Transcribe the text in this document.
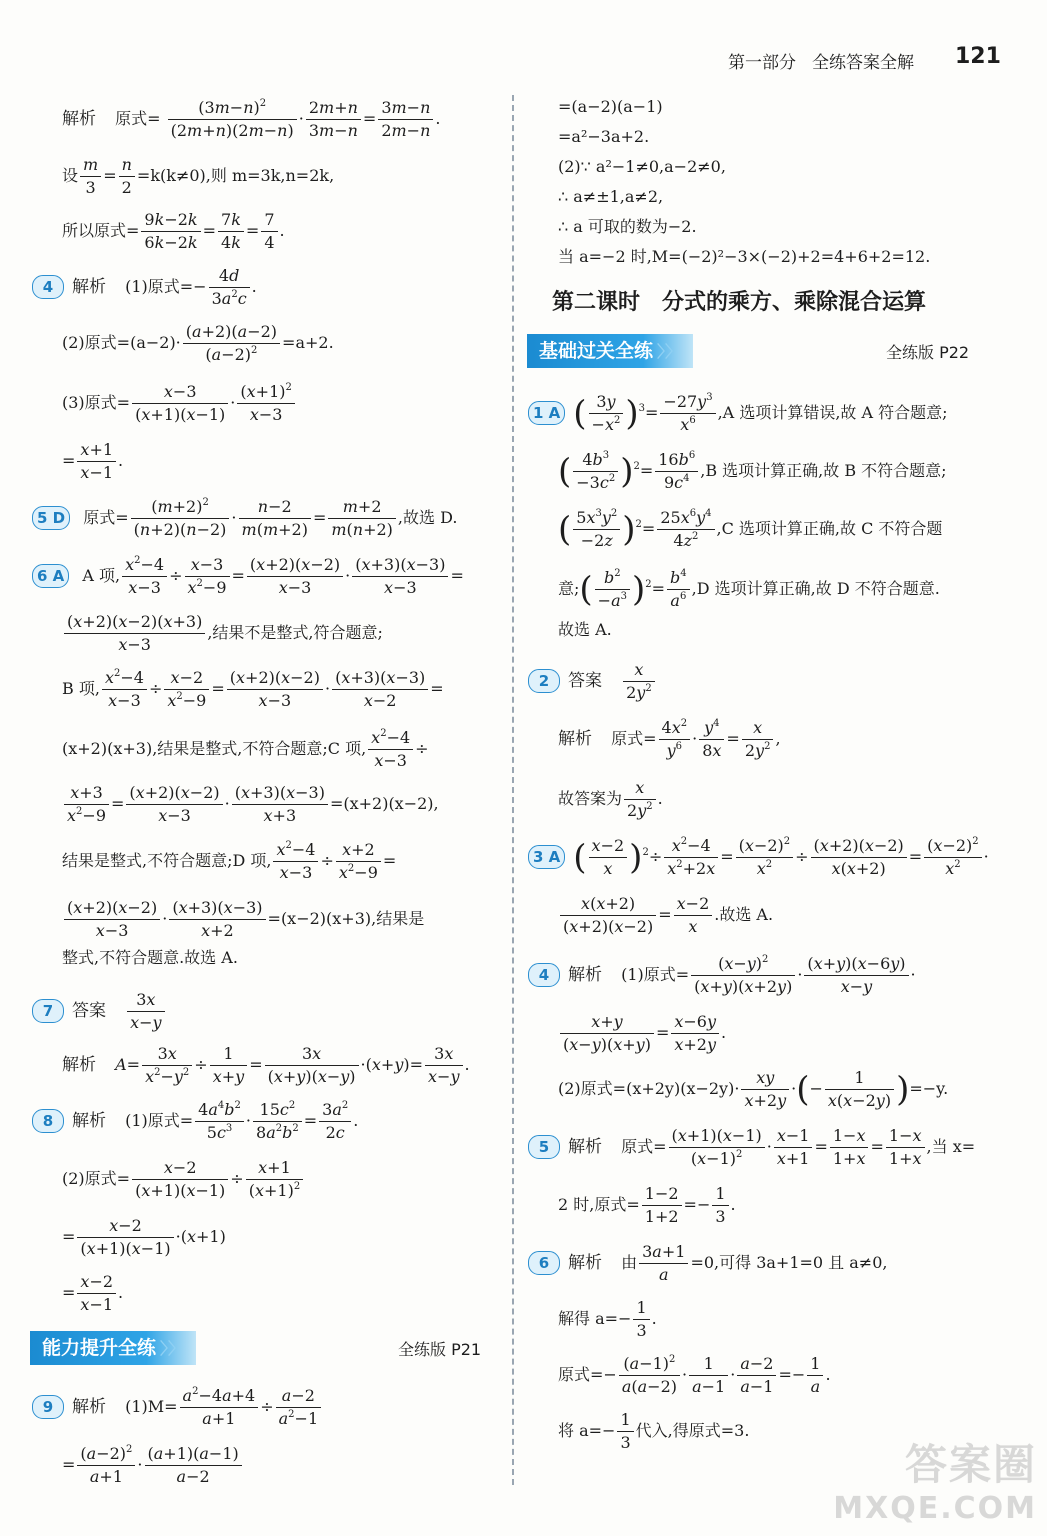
第一部分 全练答案全解 121
解析 原式= $\frac{(3m-n)^2}{(2m+n)(2m-n)} \cdot \frac{2m+n}{3m-n} = \frac{3m-n}{2m-n}$ .
设 $\frac{m}{3} = \frac{n}{2} =k(k\ne 0)$,则 m=3k,n=2k,
所以原式= $\frac{9k-2k}{6k-2k} = \frac{7k}{4k} = \frac{7}{4}$ .
4 解析 (1)原式=− $\frac{4d}{3a^2c}$ .
(2)原式$=(a-2)\cdot \frac{(a+2)(a-2)}{(a-2)^2} =a+2$.
(3)原式= $\frac{x-3}{(x+1)(x-1)} \cdot \frac{(x+1)^2}{x-3}$
= $\frac{x+1}{x-1}$ .
5 D 原式= $\frac{(m+2)^2}{(n+2)(n-2)} \cdot \frac{n-2}{m(m+2)} = \frac{m+2}{m(n+2)}$ ,故选 D.
6 A A 项, $\frac{x^2-4}{x-3} \div \frac{x-3}{x^2-9} = \frac{(x+2)(x-2)}{x-3} \cdot \frac{(x+3)(x-3)}{x-3}$ =
$\frac{(x+2)(x-2)(x+3)}{x-3}$ ,结果不是整式,符合题意;
B 项, $\frac{x^2-4}{x-3} \div \frac{x-2}{x^2-9} = \frac{(x+2)(x-2)}{x-3} \cdot \frac{(x+3)(x-3)}{x-2}$ =
(x+2)(x+3),结果是整式,不符合题意;C 项, $\frac{x^2-4}{x-3}$ ÷
$\frac{x+3}{x^2-9} = \frac{(x+2)(x-2)}{x-3} \cdot \frac{(x+3)(x-3)}{x+3} =(x+2)(x-2)$,
结果是整式,不符合题意;D 项, $\frac{x^2-4}{x-3} \div \frac{x+2}{x^2-9}$ =
$\frac{(x+2)(x-2)}{x-3} \cdot \frac{(x+3)(x-3)}{x+2} =(x-2)(x+3)$,结果是
整式,不符合题意.故选 A.
7 答案 $\frac{3x}{x-y}$
解析 $A= \frac{3x}{x^2-y^2} \div \frac{1}{x+y} = \frac{3x}{(x+y)(x-y)} \cdot(x+y)= \frac{3x}{x-y}$ .
8 解析 (1)原式= $\frac{4a^4b^2}{5c^3} \cdot \frac{15c^2}{8a^2b^2} = \frac{3a^2}{2c}$ .
(2)原式= $\frac{x-2}{(x+1)(x-1)} \div \frac{x+1}{(x+1)^2}$
= $\frac{x-2}{(x+1)(x-1)} \cdot(x+1)$
= $\frac{x-2}{x-1}$ .
能力提升全练 〉〉	全练版 P21
9 解析 $(1)M= \frac{a^2-4a+4}{a+1} \div \frac{a-2}{a^2-1}$
= $\frac{(a-2)^2}{a+1} \cdot \frac{(a+1)(a-1)}{a-2}$
=(a−2)(a−1)
=a²−3a+2.
(2)∵ a²−1≠0,a−2≠0,
∴ a≠±1,a≠2,
∴ a 可取的数为−2.
当 a=−2 时,M=(−2)²−3×(−2)+2=4+6+2=12.
第二课时　分式的乘方、乘除混合运算
基础过关全练 〉〉	全练版 P22
1 A ( $\frac{3y}{-x^2} )^3= \frac{-27y^3}{x^6} ,A$ 选项计算错误,故 A 符合题意;
( $\frac{4b^3}{-3c^2} )^2= \frac{16b^6}{9c^4} ,B$ 选项计算正确,故 B 不符合题意;
( $\frac{5x^3y^2}{-2z} )^2= \frac{25x^6y^4}{4z^2} ,C$ 选项计算正确,故 C 不符合题
意;( $\frac{b^2}{-a^3} )^2= \frac{b^4}{a^6} ,D$ 选项计算正确,故 D 不符合题意.
故选 A.
2 答案 $\frac{x}{2y^2}$
解析 原式= $\frac{4x^2}{y^6} \cdot \frac{y^4}{8x} = \frac{x}{2y^2}$ ,
故答案为 $\frac{x}{2y^2}$ .
3 A ( $\frac{x-2}{x} )^2\div \frac{x^2-4}{x^2+2x} = \frac{(x-2)^2}{x^2} \div \frac{(x+2)(x-2)}{x(x+2)} = \frac{(x-2)^2}{x^2}$ ·
$\frac{x(x+2)}{(x+2)(x-2)} = \frac{x-2}{x}$ .故选 A.
4 解析 (1)原式= $\frac{(x-y)^2}{(x+y)(x+2y)} \cdot \frac{(x+y)(x-6y)}{x-y}$ ·
$\frac{x+y}{(x-y)(x+y)} = \frac{x-6y}{x+2y}$ .
(2)原式$=(x+2y)(x-2y)\cdot \frac{xy}{x+2y}$ ·(− $\frac{1}{x(x-2y)} )=-y$.
5 解析 原式= $\frac{(x+1)(x-1)}{(x-1)^2} \cdot \frac{x-1}{x+1} = \frac{1-x}{1+x} = \frac{1-x}{1+x}$ ,当 x=
2 时,原式= $\frac{1-2}{1+2} =- \frac{1}{3}$ .
6 解析 由 $\frac{3a+1}{a} =0$,可得 3a+1=0 且 a≠0,
解得 $a=- \frac{1}{3}$ .
原式=− $\frac{(a-1)^2}{a(a-2)} \cdot \frac{1}{a-1} \cdot \frac{a-2}{a-1} =- \frac{1}{a}$ .
将 $a=- \frac{1}{3}$ 代入,得原式=3.
答案圈
MXQE.COM
